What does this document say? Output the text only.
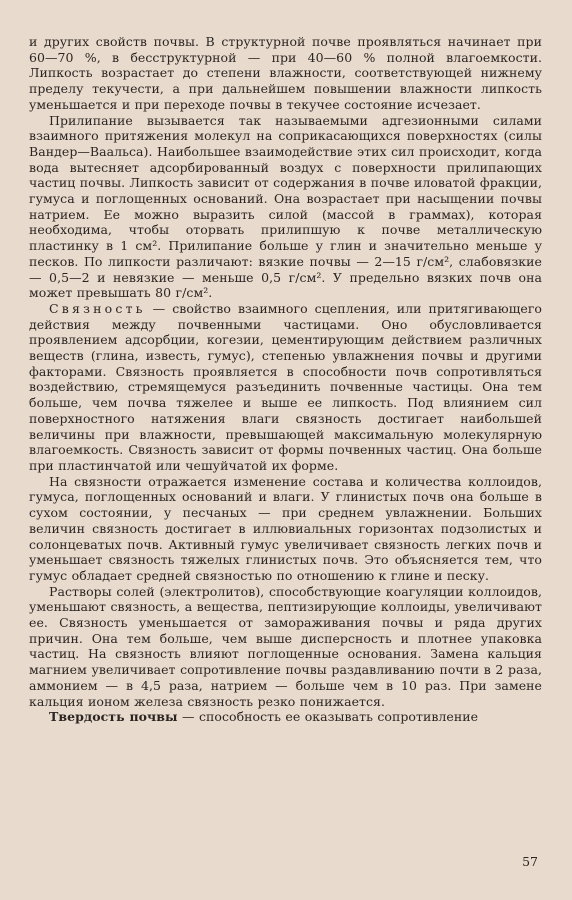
и других свойств почвы. В структурной почве проявляться начинает при 60—70 %, в бесструктурной — при 40—60 % полной влагоемкости. Липкость возрастает до степени влажности, соответствующей нижнему пределу текучести, а при дальнейшем повышении влажности липкость уменьшается и при переходе почвы в текучее состояние исчезает.

Прилипание вызывается так называемыми адгезионными силами взаимного притяжения молекул на соприкасающихся поверхностях (силы Вандер—Ваальса). Наибольшее взаимодействие этих сил происходит, когда вода вытесняет адсорбированный воздух с поверхности прилипающих частиц почвы. Липкость зависит от содержания в почве иловатой фракции, гумуса и поглощенных оснований. Она возрастает при насыщении почвы натрием. Ее можно выразить силой (массой в граммах), которая необходима, чтобы оторвать прилипшую к почве металлическую пластинку в 1 см². Прилипание больше у глин и значительно меньше у песков. По липкости различают: вязкие почвы — 2—15 г/см², слабовязкие — 0,5—2 и невязкие — меньше 0,5 г/см². У предельно вязких почв она может превышать 80 г/см².

Связность — свойство взаимного сцепления, или притягивающего действия между почвенными частицами. Оно обусловливается проявлением адсорбции, когезии, цементирующим действием различных веществ (глина, известь, гумус), степенью увлажнения почвы и другими факторами. Связность проявляется в способности почв сопротивляться воздействию, стремящемуся разъединить почвенные частицы. Она тем больше, чем почва тяжелее и выше ее липкость. Под влиянием сил поверхностного натяжения влаги связность достигает наибольшей величины при влажности, превышающей максимальную молекулярную влагоемкость. Связность зависит от формы почвенных частиц. Она больше при пластинчатой или чешуйчатой их форме.

На связности отражается изменение состава и количества коллоидов, гумуса, поглощенных оснований и влаги. У глинистых почв она больше в сухом состоянии, у песчаных — при среднем увлажнении. Больших величин связность достигает в иллювиальных горизонтах подзолистых и солонцеватых почв. Активный гумус увеличивает связность легких почв и уменьшает связность тяжелых глинистых почв. Это объясняется тем, что гумус обладает средней связностью по отношению к глине и песку.

Растворы солей (электролитов), способствующие коагуляции коллоидов, уменьшают связность, а вещества, пептизирующие коллоиды, увеличивают ее. Связность уменьшается от замораживания почвы и ряда других причин. Она тем больше, чем выше дисперсность и плотнее упаковка частиц. На связность влияют поглощенные основания. Замена кальция магнием увеличивает сопротивление почвы раздавливанию почти в 2 раза, аммонием — в 4,5 раза, натрием — больше чем в 10 раз. При замене кальция ионом железа связность резко понижается.

Твердость почвы — способность ее оказывать сопротивление

57
